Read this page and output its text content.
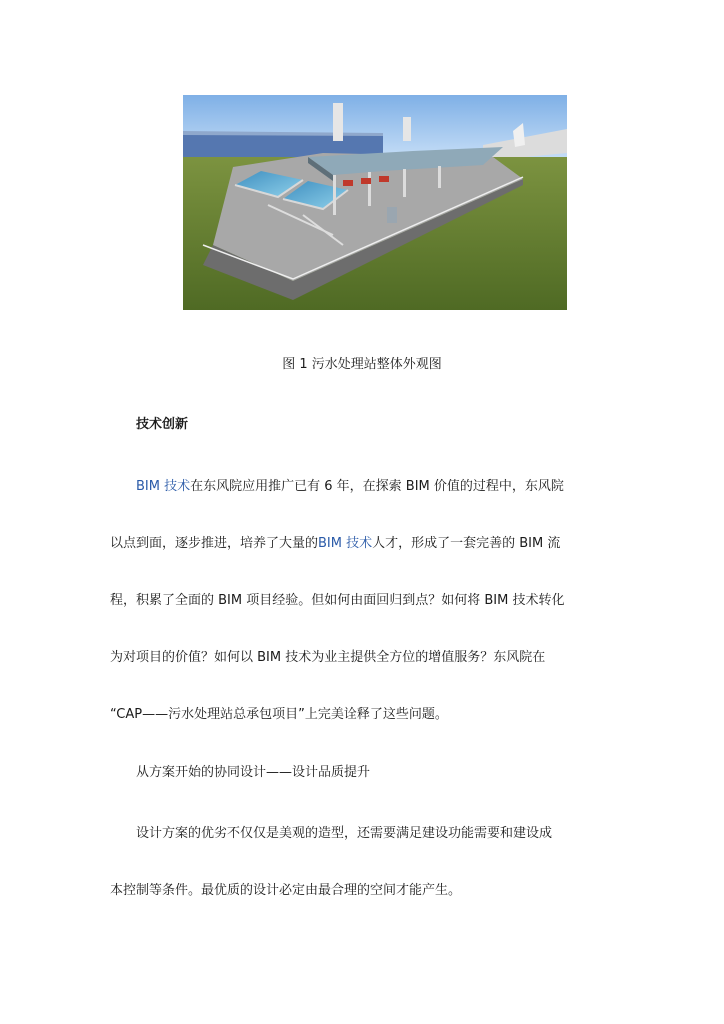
图 1 污水处理站整体外观图
技术创新
BIM 技术在东风院应用推广已有 6 年，在探索 BIM 价值的过程中，东风院
以点到面，逐步推进，培养了大量的BIM 技术人才，形成了一套完善的 BIM 流
程，积累了全面的 BIM 项目经验。但如何由面回归到点？如何将 BIM 技术转化
为对项目的价值？如何以 BIM 技术为业主提供全方位的增值服务？东风院在
“CAP——污水处理站总承包项目”上完美诠释了这些问题。
从方案开始的协同设计——设计品质提升
设计方案的优劣不仅仅是美观的造型，还需要满足建设功能需要和建设成
本控制等条件。最优质的设计必定由最合理的空间才能产生。
